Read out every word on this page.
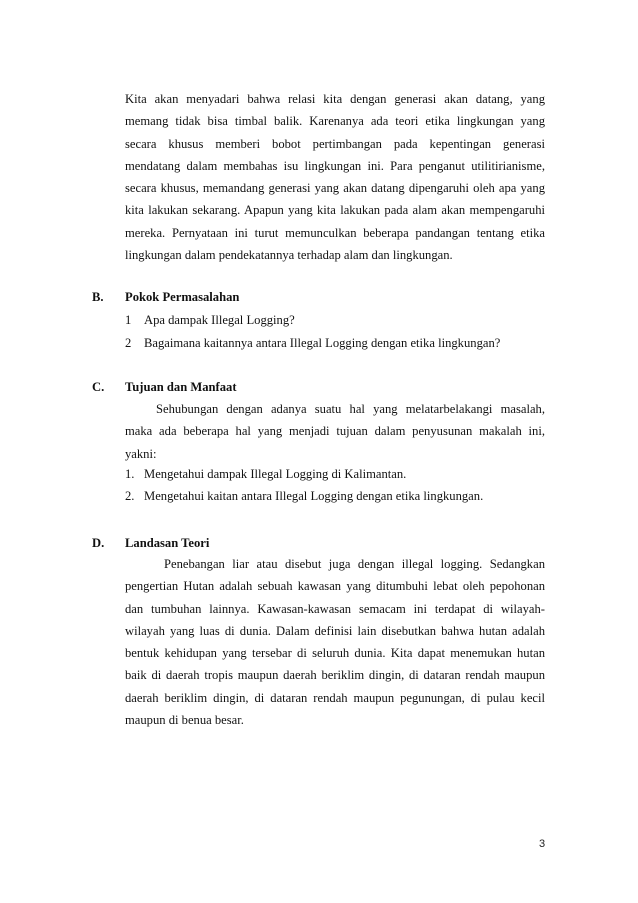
Kita akan menyadari bahwa relasi kita dengan generasi akan datang, yang
memang tidak bisa timbal balik. Karenanya ada teori etika lingkungan yang
secara khusus memberi bobot pertimbangan pada kepentingan generasi
mendatang dalam membahas isu lingkungan ini. Para penganut utilitirianisme,
secara khusus, memandang generasi yang akan datang dipengaruhi oleh apa yang
kita lakukan sekarang. Apapun yang kita lakukan pada alam akan mempengaruhi
mereka. Pernyataan ini turut memunculkan beberapa pandangan tentang etika
lingkungan dalam pendekatannya terhadap alam dan lingkungan.
B. Pokok Permasalahan
1 Apa dampak Illegal Logging?
2 Bagaimana kaitannya antara Illegal Logging dengan etika lingkungan?
C. Tujuan dan Manfaat
Sehubungan dengan adanya suatu hal yang melatarbelakangi masalah,
maka ada beberapa hal yang menjadi tujuan dalam penyusunan makalah ini,
yakni:
1. Mengetahui dampak Illegal Logging di Kalimantan.
2. Mengetahui kaitan antara Illegal Logging dengan etika lingkungan.
D. Landasan Teori
Penebangan liar atau disebut juga dengan illegal logging. Sedangkan
pengertian Hutan adalah sebuah kawasan yang ditumbuhi lebat oleh pepohonan
dan tumbuhan lainnya. Kawasan-kawasan semacam ini terdapat di wilayah-
wilayah yang luas di dunia. Dalam definisi lain disebutkan bahwa hutan adalah
bentuk kehidupan yang tersebar di seluruh dunia. Kita dapat menemukan hutan
baik di daerah tropis maupun daerah beriklim dingin, di dataran rendah maupun
daerah beriklim dingin, di dataran rendah maupun pegunungan, di pulau kecil
maupun di benua besar.
3
